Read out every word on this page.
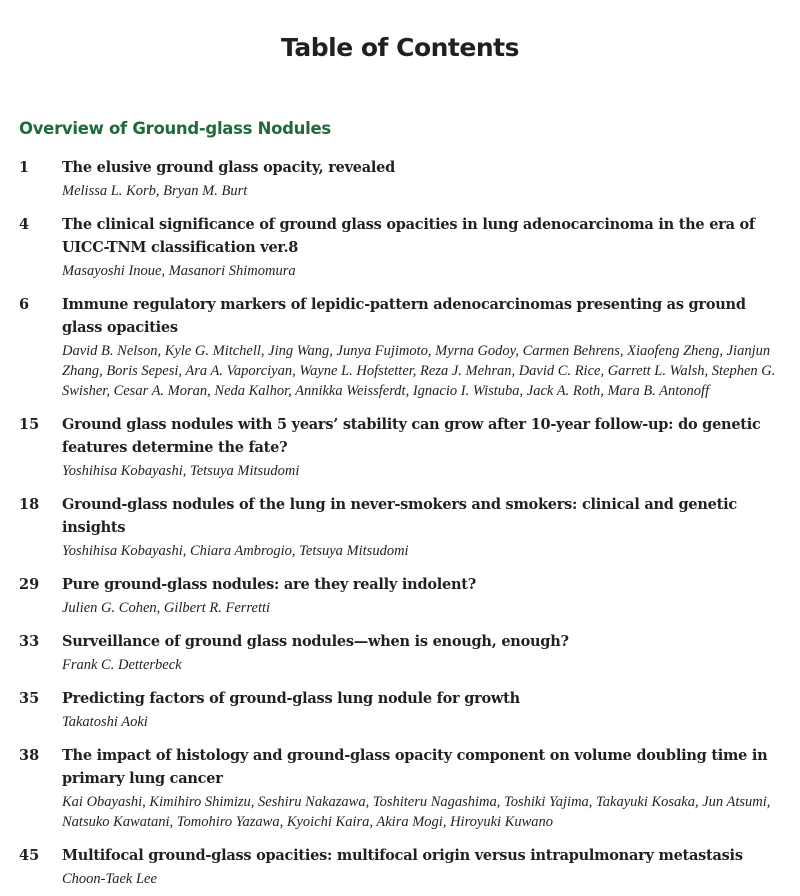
Table of Contents
Overview of Ground-glass Nodules
1 The elusive ground glass opacity, revealed

Melissa L. Korb, Bryan M. Burt

4 The clinical significance of ground glass opacities in lung adenocarcinoma in the era of UICC-TNM classification ver.8

Masayoshi Inoue, Masanori Shimomura

6 Immune regulatory markers of lepidic-pattern adenocarcinomas presenting as ground glass opacities

David B. Nelson, Kyle G. Mitchell, Jing Wang, Junya Fujimoto, Myrna Godoy, Carmen Behrens, Xiaofeng Zheng, Jianjun Zhang, Boris Sepesi, Ara A. Vaporciyan, Wayne L. Hofstetter, Reza J. Mehran, David C. Rice, Garrett L. Walsh, Stephen G. Swisher, Cesar A. Moran, Neda Kalhor, Annikka Weissferdt, Ignacio I. Wistuba, Jack A. Roth, Mara B. Antonoff

15 Ground glass nodules with 5 years’ stability can grow after 10-year follow-up: do genetic features determine the fate?

Yoshihisa Kobayashi, Tetsuya Mitsudomi

18 Ground-glass nodules of the lung in never-smokers and smokers: clinical and genetic insights

Yoshihisa Kobayashi, Chiara Ambrogio, Tetsuya Mitsudomi

29 Pure ground-glass nodules: are they really indolent?

Julien G. Cohen, Gilbert R. Ferretti

33 Surveillance of ground glass nodules—when is enough, enough?

Frank C. Detterbeck

35 Predicting factors of ground-glass lung nodule for growth

Takatoshi Aoki

38 The impact of histology and ground-glass opacity component on volume doubling time in primary lung cancer

Kai Obayashi, Kimihiro Shimizu, Seshiru Nakazawa, Toshiteru Nagashima, Toshiki Yajima, Takayuki Kosaka, Jun Atsumi, Natsuko Kawatani, Tomohiro Yazawa, Kyoichi Kaira, Akira Mogi, Hiroyuki Kuwano

45 Multifocal ground-glass opacities: multifocal origin versus intrapulmonary metastasis

Choon-Taek Lee
